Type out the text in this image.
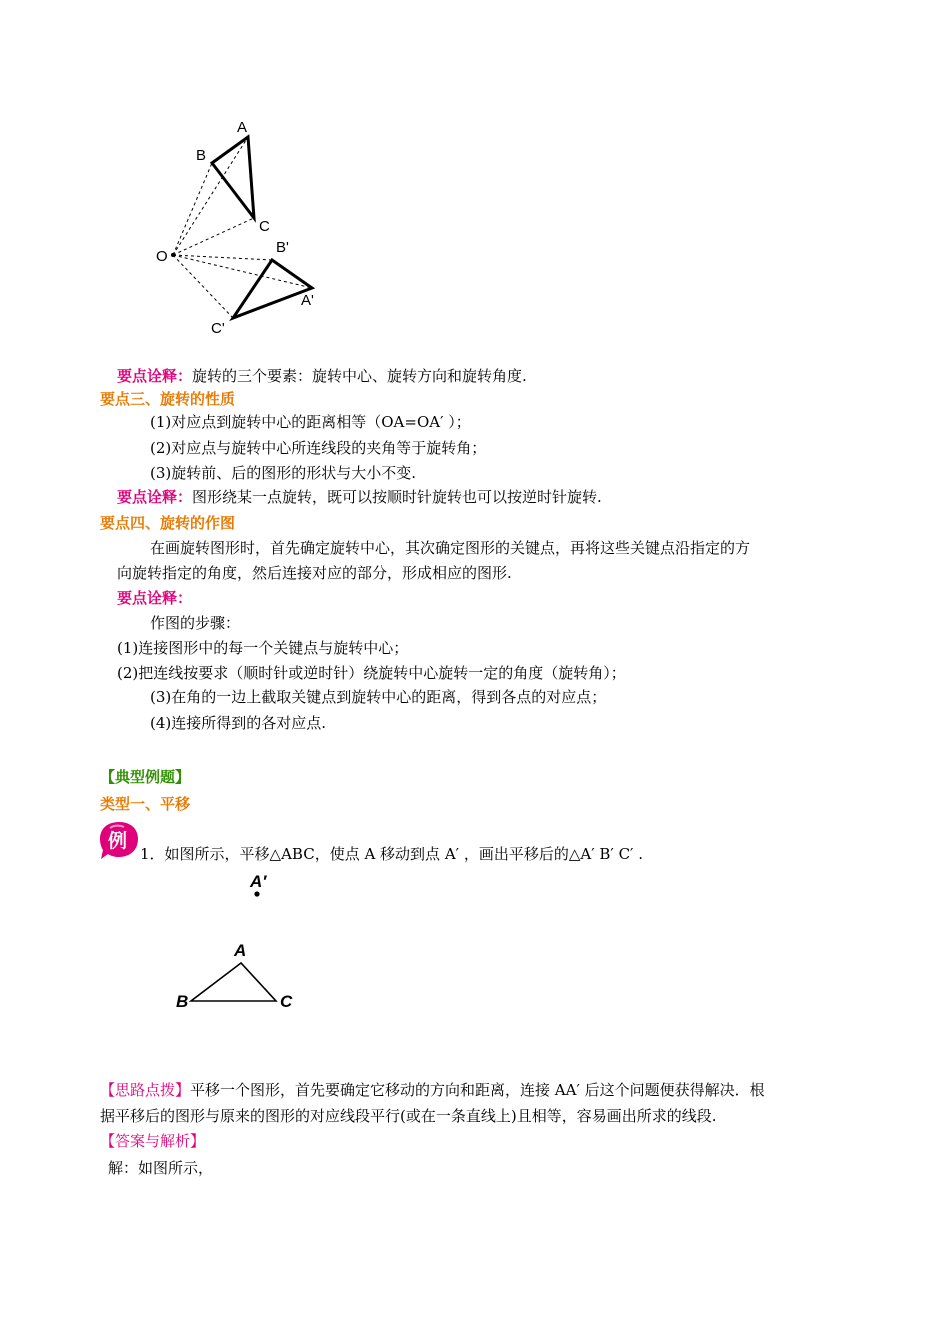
A
B
C
O
B'
A'
C'
要点诠释：旋转的三个要素：旋转中心、旋转方向和旋转角度.
要点三、旋转的性质
(1)对应点到旋转中心的距离相等（OA=OA′ ）；
(2)对应点与旋转中心所连线段的夹角等于旋转角；
(3)旋转前、后的图形的形状与大小不变.
要点诠释：图形绕某一点旋转，既可以按顺时针旋转也可以按逆时针旋转.
要点四、旋转的作图
在画旋转图形时，首先确定旋转中心，其次确定图形的关键点，再将这些关键点沿指定的方
向旋转指定的角度，然后连接对应的部分，形成相应的图形.
要点诠释：
作图的步骤：
(1)连接图形中的每一个关键点与旋转中心；
(2)把连线按要求（顺时针或逆时针）绕旋转中心旋转一定的角度（旋转角）；
(3)在角的一边上截取关键点到旋转中心的距离，得到各点的对应点；
(4)连接所得到的各对应点.
【典型例题】
类型一、平移
例
1．如图所示，平移△ABC，使点 A 移动到点 A′ ，画出平移后的△A′ B′ C′ .
A′
A
B	C
【思路点拨】平移一个图形，首先要确定它移动的方向和距离，连接 AA′ 后这个问题便获得解决．根
据平移后的图形与原来的图形的对应线段平行(或在一条直线上)且相等，容易画出所求的线段.
【答案与解析】
解：如图所示，
